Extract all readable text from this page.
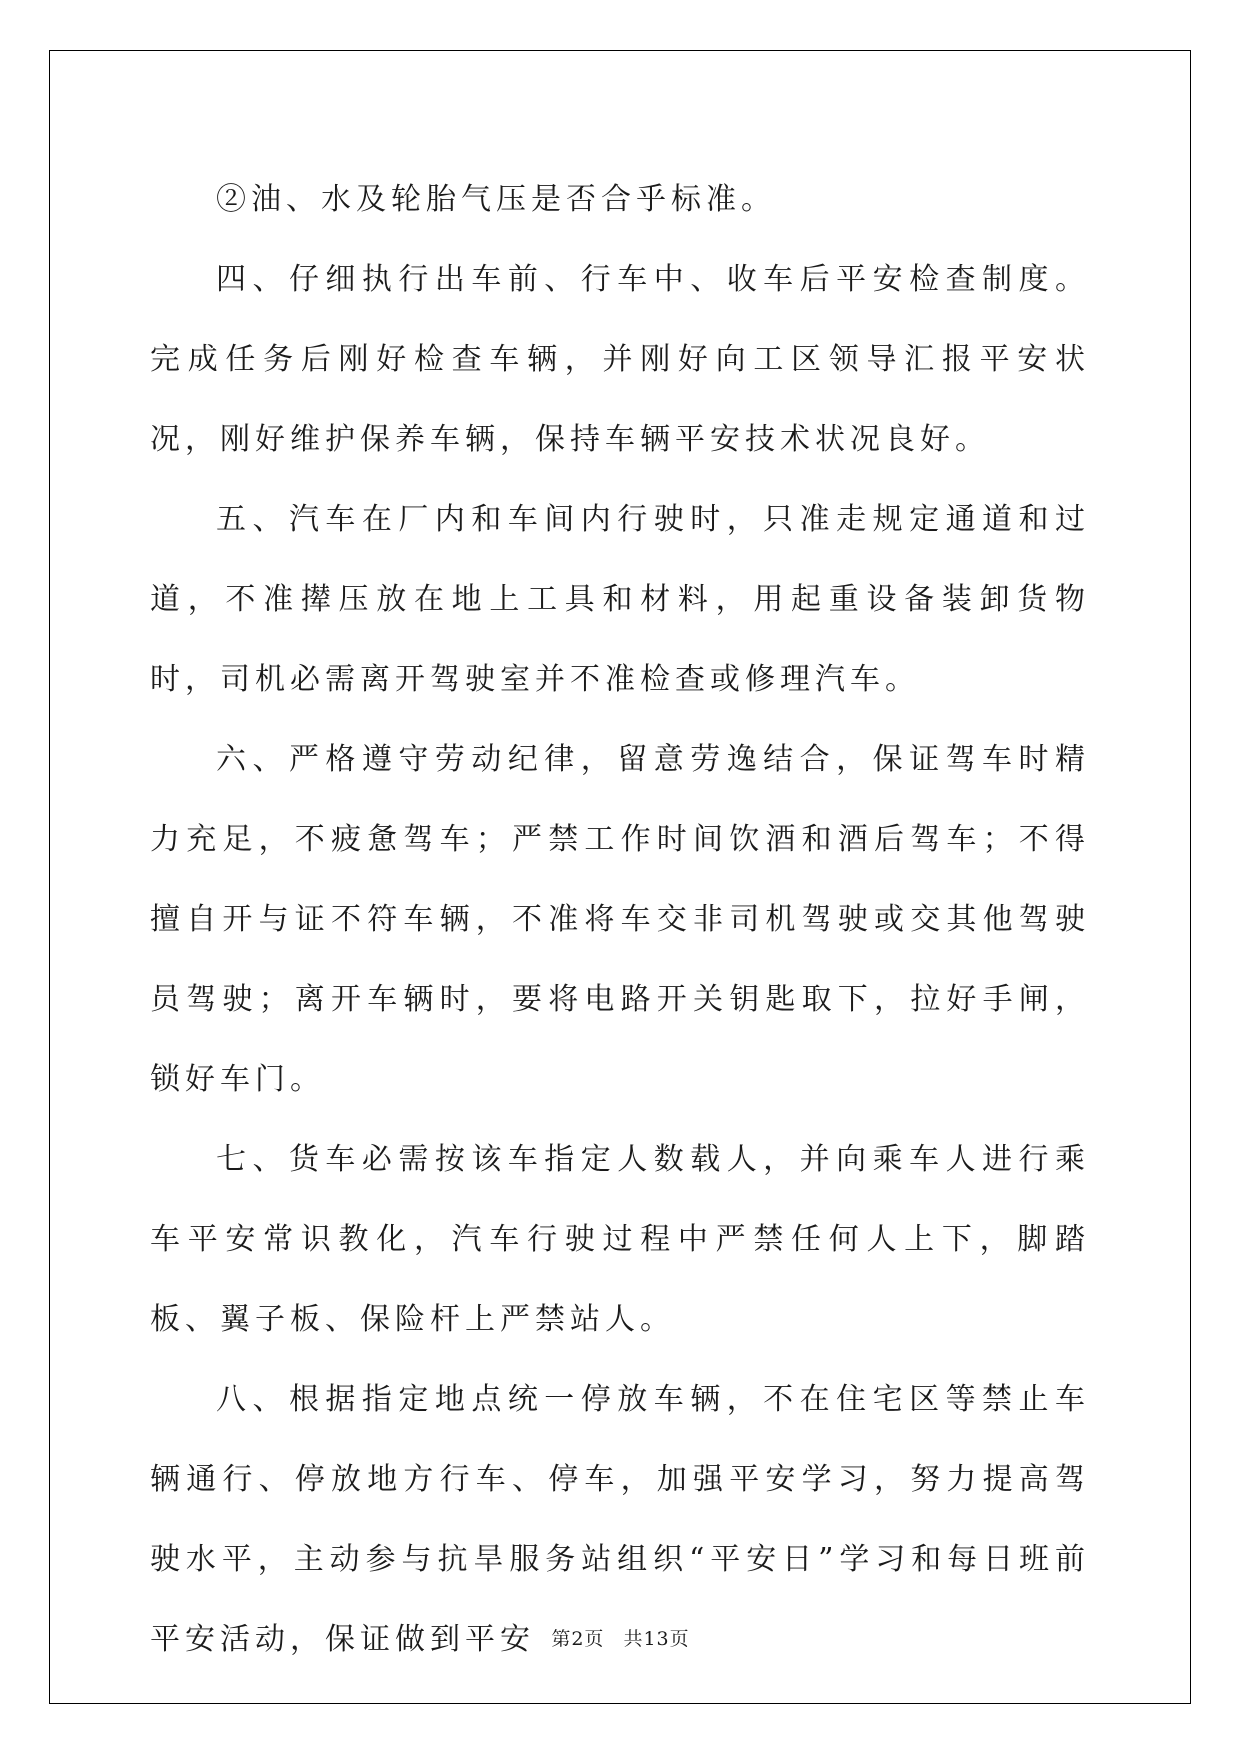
②油、水及轮胎气压是否合乎标准。

四、仔细执行出车前、行车中、收车后平安检查制度。完成任务后刚好检查车辆，并刚好向工区领导汇报平安状况，刚好维护保养车辆，保持车辆平安技术状况良好。

五、汽车在厂内和车间内行驶时，只准走规定通道和过道，不准撵压放在地上工具和材料，用起重设备装卸货物时，司机必需离开驾驶室并不准检查或修理汽车。

六、严格遵守劳动纪律，留意劳逸结合，保证驾车时精力充足，不疲惫驾车；严禁工作时间饮酒和酒后驾车；不得擅自开与证不符车辆，不准将车交非司机驾驶或交其他驾驶员驾驶；离开车辆时，要将电路开关钥匙取下，拉好手闸，锁好车门。

七、货车必需按该车指定人数载人，并向乘车人进行乘车平安常识教化，汽车行驶过程中严禁任何人上下，脚踏板、翼子板、保险杆上严禁站人。

八、根据指定地点统一停放车辆，不在住宅区等禁止车辆通行、停放地方行车、停车，加强平安学习，努力提高驾驶水平，主动参与抗旱服务站组织“平安日”学习和每日班前平安活动，保证做到平安 第2页 共13页
